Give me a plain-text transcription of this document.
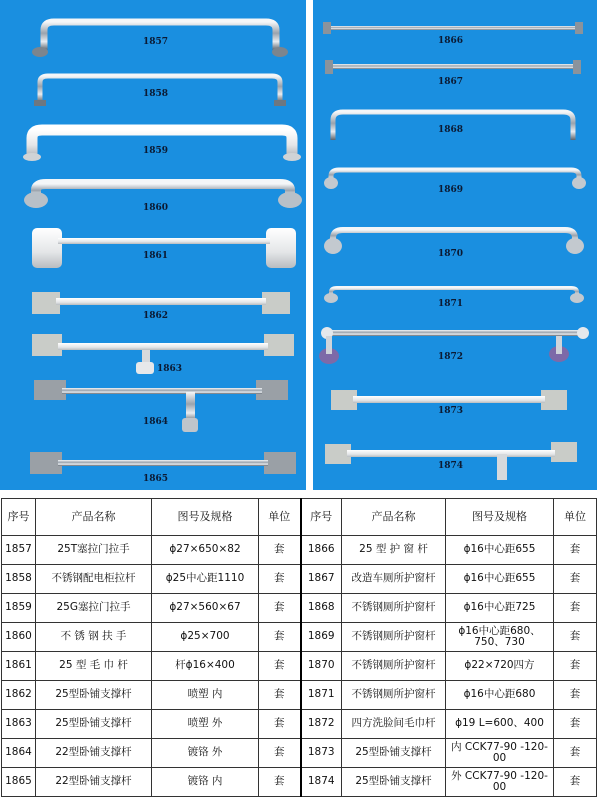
1857
1858
1859
1860
1861
1862
1863
1864
1865
1866
1867
1868
1869
1870
1871
1872
1873
1874
序号	产品名称	图号及规格	单位	序号	产品名称	图号及规格	单位
1857	25T塞拉门拉手	ϕ27×650×82	套	1866	25 型 护 窗 杆	ϕ16中心距655	套
1858	不锈钢配电柜拉杆	ϕ25中心距1110	套	1867	改造车厕所护窗杆	ϕ16中心距655	套
1859	25G塞拉门拉手	ϕ27×560×67	套	1868	不锈钢厕所护窗杆	ϕ16中心距725	套
1860	不 锈 钢 扶 手	ϕ25×700	套	1869	不锈钢厕所护窗杆	ϕ16中心距680、750、730	套
1861	25 型 毛 巾 杆	杆ϕ16×400	套	1870	不锈钢厕所护窗杆	ϕ22×720四方	套
1862	25型卧铺支撑杆	喷塑 内	套	1871	不锈钢厕所护窗杆	ϕ16中心距680	套
1863	25型卧铺支撑杆	喷塑 外	套	1872	四方洗脸间毛巾杆	ϕ19 L=600、400	套
1864	22型卧铺支撑杆	镀铬 外	套	1873	25型卧铺支撑杆	内 CCK77-90 -120-00	套
1865	22型卧铺支撑杆	镀铬 内	套	1874	25型卧铺支撑杆	外 CCK77-90 -120-00	套
